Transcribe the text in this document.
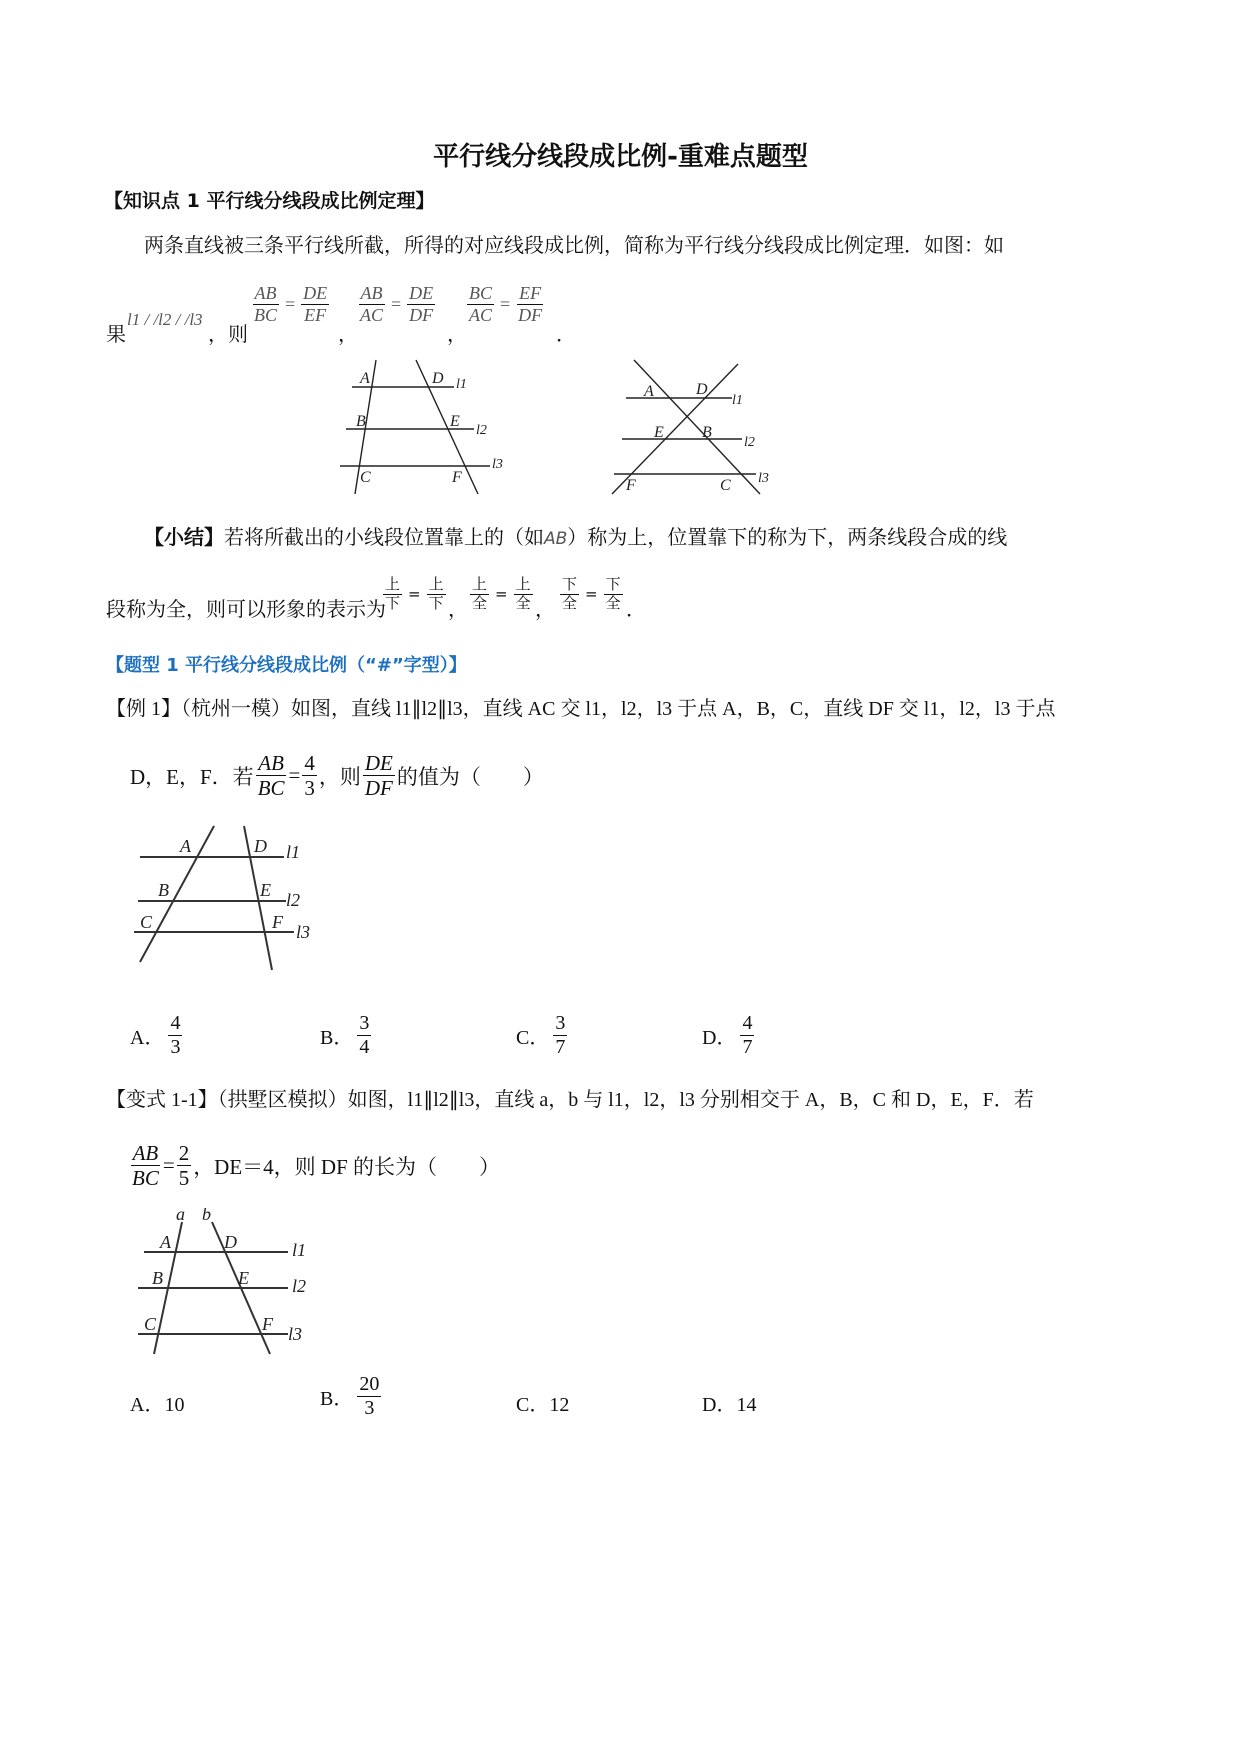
平行线分线段成比例-重难点题型
【知识点 1 平行线分线段成比例定理】
两条直线被三条平行线所截，所得的对应线段成比例，简称为平行线分线段成比例定理．如图：如
果
l1 / /l2 / /l3
，则
$\frac{AB}{BC} = \frac{DE}{EF}$
，
$\frac{AB}{AC} = \frac{DE}{DF}$
，
$\frac{BC}{AC} = \frac{EF}{DF}$
．
A	D
B	E
C	F
l1
l2
l3
A	D
E B
F	C
l1
l2
l3
【小结】若将所截出的小线段位置靠上的（如AB）称为上，位置靠下的称为下，两条线段合成的线
段称为全，则可以形象的表示为
$\frac{\text{上}}{\text{下}} = \frac{\text{上}}{\text{下}}$ ， $\frac{\text{上}}{\text{全}} = \frac{\text{上}}{\text{全}}$ ， $\frac{\text{下}}{\text{全}} = \frac{\text{下}}{\text{全}}$ ．
【题型 1 平行线分线段成比例（“#”字型）】
【例 1】（杭州一模）如图，直线 l1∥l2∥l3，直线 AC 交 l1，l2，l3 于点 A，B，C，直线 DF 交 l1，l2，l3 于点
D，E，F．若 $\frac{AB}{BC} = \frac{4}{3}$ ，则 $\frac{DE}{DF}$ 的值为（　　）
A	D
B	E
C	F
l1
l2
l3
A． $\frac{4}{3}$	B． $\frac{3}{4}$	C． $\frac{3}{7}$	D． $\frac{4}{7}$
【变式 1-1】（拱墅区模拟）如图，l1∥l2∥l3，直线 a，b 与 l1，l2，l3 分别相交于 A，B，C 和 D，E，F．若
$\frac{AB}{BC} = \frac{2}{5}$ ，DE＝4，则 DF 的长为（　　）
a b
A	D
B	E
C	F
l1
l2
l3
A．10	B． $\frac{20}{3}$	C．12	D．14
